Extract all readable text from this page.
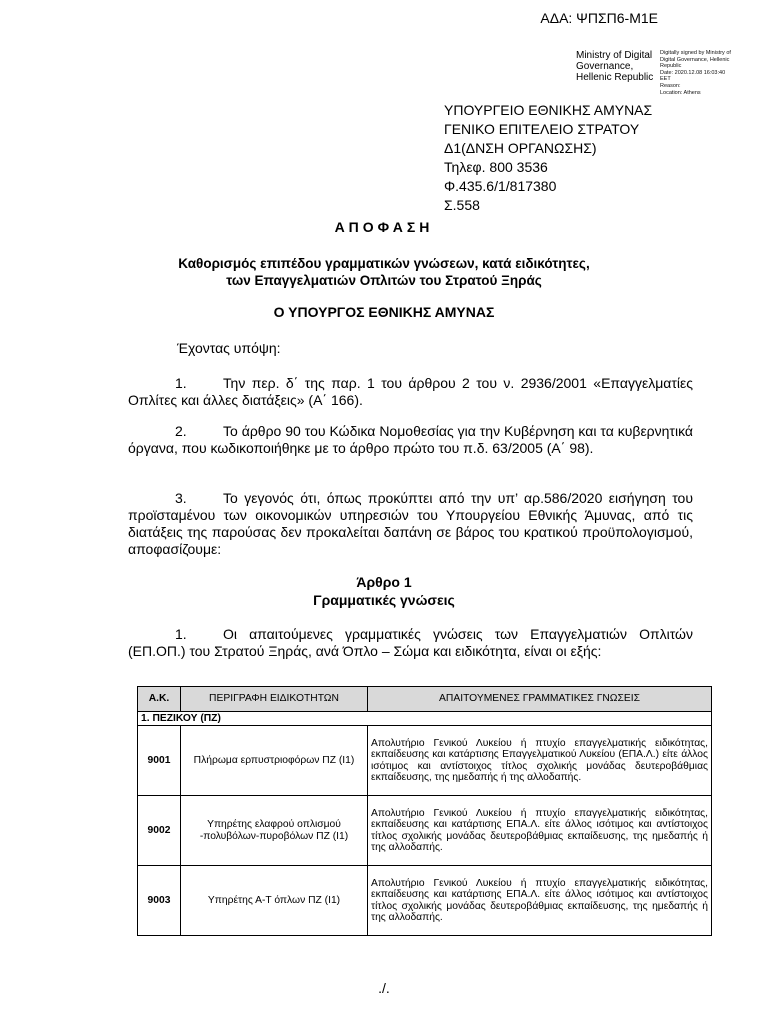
ΑΔΑ: ΨΠΣΠ6-Μ1Ε
Ministry of Digital
Governance,
Hellenic Republic
Digitally signed by Ministry of
Digital Governance, Hellenic
Republic
Date: 2020.12.08 16:03:40
EET
Reason:
Location: Athens
ΥΠΟΥΡΓΕΙΟ ΕΘΝΙΚΗΣ ΑΜΥΝΑΣ
ΓΕΝΙΚΟ ΕΠΙΤΕΛΕΙΟ ΣΤΡΑΤΟΥ
Δ1(ΔΝΣΗ ΟΡΓΑΝΩΣΗΣ)
Τηλεφ. 800 3536
Φ.435.6/1/817380
Σ.558
ΑΠΟΦΑΣΗ
Καθορισμός επιπέδου γραμματικών γνώσεων, κατά ειδικότητες,
των Επαγγελματιών Οπλιτών του Στρατού Ξηράς
Ο ΥΠΟΥΡΓΟΣ ΕΘΝΙΚΗΣ ΑΜΥΝΑΣ
Έχοντας υπόψη:
1.	Την περ. δ΄ της παρ. 1 του άρθρου 2 του ν. 2936/2001 «Επαγγελματίες Οπλίτες και άλλες διατάξεις» (Α΄ 166).
2.	Το άρθρο 90 του Κώδικα Νομοθεσίας για την Κυβέρνηση και τα κυβερνητικά όργανα, που κωδικοποιήθηκε με το άρθρο πρώτο του π.δ. 63/2005 (Α΄ 98).
3.	Το γεγονός ότι, όπως προκύπτει από την υπ’ αρ.586/2020 εισήγηση του προϊσταμένου των οικονομικών υπηρεσιών του Υπουργείου Εθνικής Άμυνας, από τις διατάξεις της παρούσας δεν προκαλείται δαπάνη σε βάρος του κρατικού προϋπολογισμού, αποφασίζουμε:
Άρθρο 1
Γραμματικές γνώσεις
1.	Οι απαιτούμενες γραμματικές γνώσεις των Επαγγελματιών Οπλιτών (ΕΠ.ΟΠ.) του Στρατού Ξηράς, ανά Όπλο – Σώμα και ειδικότητα, είναι οι εξής:
Α.Κ.	ΠΕΡΙΓΡΑΦΗ ΕΙΔΙΚΟΤΗΤΩΝ	ΑΠΑΙΤΟΥΜΕΝΕΣ ΓΡΑΜΜΑΤΙΚΕΣ ΓΝΩΣΕΙΣ
1. ΠΕΖΙΚΟΥ (ΠΖ)		
9001	Πλήρωμα ερπυστριοφόρων ΠΖ (Ι1)	Απολυτήριο Γενικού Λυκείου ή πτυχίο επαγγελματικής ειδικότητας, εκπαίδευσης και κατάρτισης Επαγγελματικού Λυκείου (ΕΠΑ.Λ.) είτε άλλος ισότιμος και αντίστοιχος τίτλος σχολικής μονάδας δευτεροβάθμιας εκπαίδευσης, της ημεδαπής ή της αλλοδαπής.
9002	Υπηρέτης ελαφρού οπλισμού -πολυβόλων-πυροβόλων ΠΖ (Ι1)	Απολυτήριο Γενικού Λυκείου ή πτυχίο επαγγελματικής ειδικότητας, εκπαίδευσης και κατάρτισης ΕΠΑ.Λ. είτε άλλος ισότιμος και αντίστοιχος τίτλος σχολικής μονάδας δευτεροβάθμιας εκπαίδευσης, της ημεδαπής ή της αλλοδαπής.
9003	Υπηρέτης Α-Τ όπλων ΠΖ (Ι1)	Απολυτήριο Γενικού Λυκείου ή πτυχίο επαγγελματικής ειδικότητας, εκπαίδευσης και κατάρτισης ΕΠΑ.Λ. είτε άλλος ισότιμος και αντίστοιχος τίτλος σχολικής μονάδας δευτεροβάθμιας εκπαίδευσης, της ημεδαπής ή της αλλοδαπής.
./.
